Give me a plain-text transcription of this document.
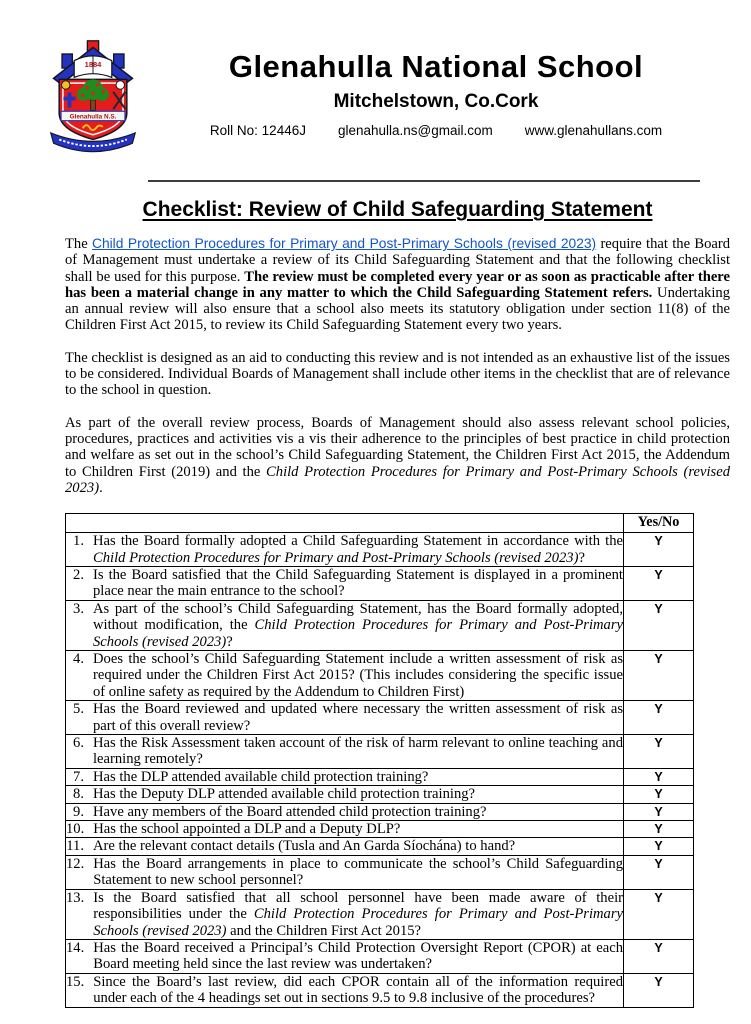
1884
Glenahulla N.S.
Glenahulla National School
Mitchelstown, Co.Cork
Roll No: 12446J glenahulla.ns@gmail.com www.glenahullans.com
Checklist: Review of Child Safeguarding Statement

The Child Protection Procedures for Primary and Post-Primary Schools (revised 2023) require that the Board of Management must undertake a review of its Child Safeguarding Statement and that the following checklist shall be used for this purpose. The review must be completed every year or as soon as practicable after there has been a material change in any matter to which the Child Safeguarding Statement refers. Undertaking an annual review will also ensure that a school also meets its statutory obligation under section 11(8) of the Children First Act 2015, to review its Child Safeguarding Statement every two years.

The checklist is designed as an aid to conducting this review and is not intended as an exhaustive list of the issues to be considered. Individual Boards of Management shall include other items in the checklist that are of relevance to the school in question.

As part of the overall review process, Boards of Management should also assess relevant school policies, procedures, practices and activities vis a vis their adherence to the principles of best practice in child protection and welfare as set out in the school’s Child Safeguarding Statement, the Children First Act 2015, the Addendum to Children First (2019) and the Child Protection Procedures for Primary and Post-Primary Schools (revised 2023).

	Yes/No

1. Has the Board formally adopted a Child Safeguarding Statement in accordance with the Child Protection Procedures for Primary and Post-Primary Schools (revised 2023)?	Y

2. Is the Board satisfied that the Child Safeguarding Statement is displayed in a prominent place near the main entrance to the school?	Y

3. As part of the school’s Child Safeguarding Statement, has the Board formally adopted, without modification, the Child Protection Procedures for Primary and Post-Primary Schools (revised 2023)?	Y

4. Does the school’s Child Safeguarding Statement include a written assessment of risk as required under the Children First Act 2015? (This includes considering the specific issue of online safety as required by the Addendum to Children First)	Y

5. Has the Board reviewed and updated where necessary the written assessment of risk as part of this overall review?	Y

6. Has the Risk Assessment taken account of the risk of harm relevant to online teaching and learning remotely?	Y

7. Has the DLP attended available child protection training?	Y

8. Has the Deputy DLP attended available child protection training?	Y

9. Have any members of the Board attended child protection training?	Y

10. Has the school appointed a DLP and a Deputy DLP?	Y

11. Are the relevant contact details (Tusla and An Garda Síochána) to hand?	Y

12. Has the Board arrangements in place to communicate the school’s Child Safeguarding Statement to new school personnel?	Y

13. Is the Board satisfied that all school personnel have been made aware of their responsibilities under the Child Protection Procedures for Primary and Post-Primary Schools (revised 2023) and the Children First Act 2015?	Y

14. Has the Board received a Principal’s Child Protection Oversight Report (CPOR) at each Board meeting held since the last review was undertaken?	Y

15. Since the Board’s last review, did each CPOR contain all of the information required under each of the 4 headings set out in sections 9.5 to 9.8 inclusive of the procedures?	Y
